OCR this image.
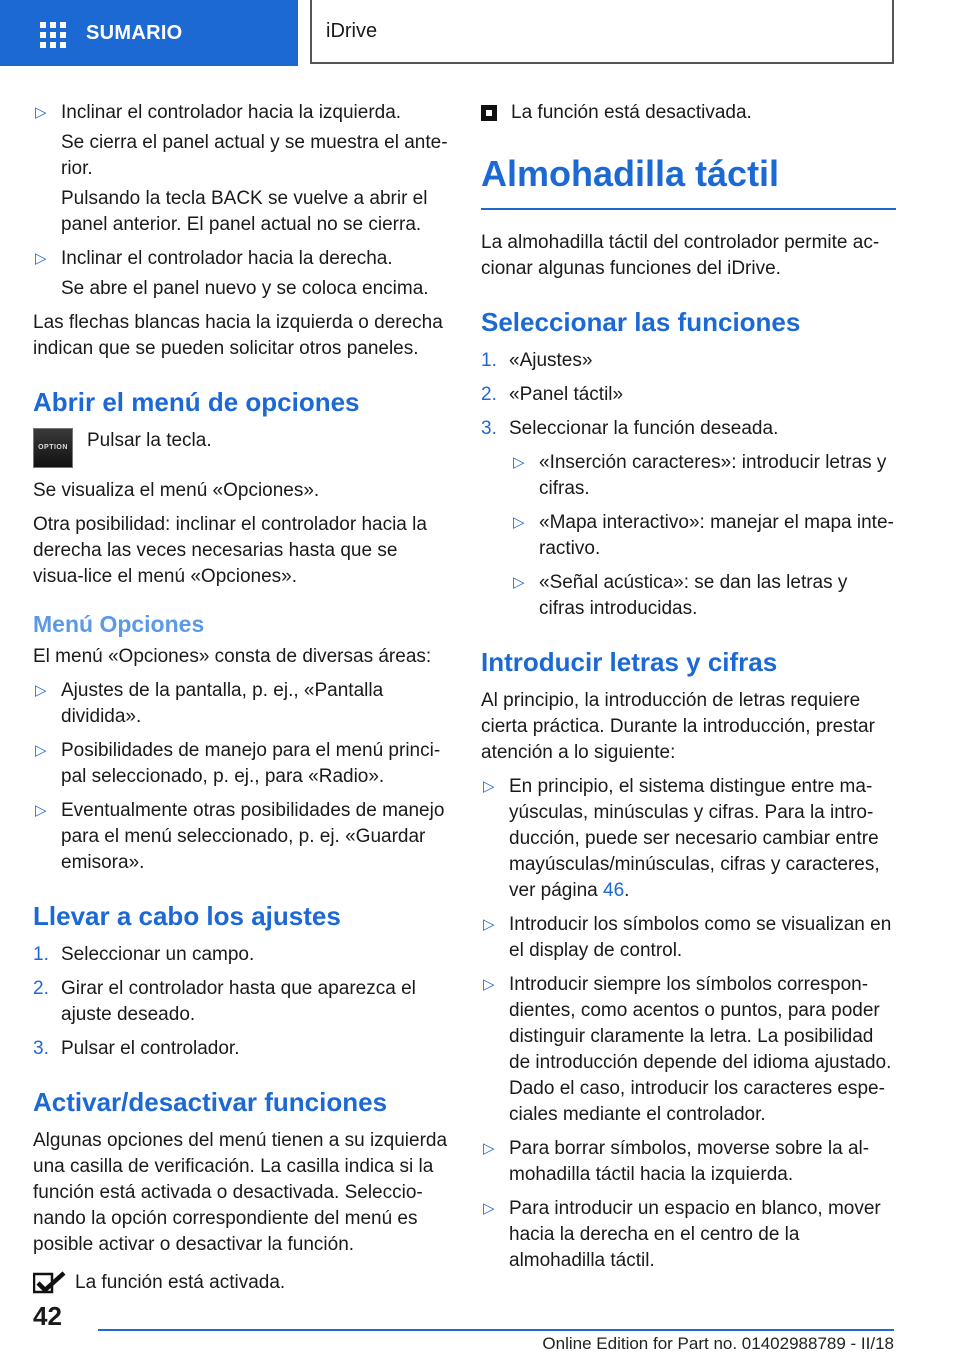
SUMARIO	iDrive
▷ Inclinar el controlador hacia la izquierda.
Se cierra el panel actual y se muestra el ante-rior.
Pulsando la tecla BACK se vuelve a abrir el panel anterior. El panel actual no se cierra.
▷ Inclinar el controlador hacia la derecha.
Se abre el panel nuevo y se coloca encima.

Las flechas blancas hacia la izquierda o derecha indican que se pueden solicitar otros paneles.

Abrir el menú de opciones
OPTION Pulsar la tecla.

Se visualiza el menú «Opciones».

Otra posibilidad: inclinar el controlador hacia la derecha las veces necesarias hasta que se visua-lice el menú «Opciones».

Menú Opciones

El menú «Opciones» consta de diversas áreas:

▷ Ajustes de la pantalla, p. ej., «Pantalla dividida».
▷ Posibilidades de manejo para el menú princi-pal seleccionado, p. ej., para «Radio».
▷ Eventualmente otras posibilidades de manejo para el menú seleccionado, p. ej. «Guardar emisora».
Llevar a cabo los ajustes
1. Seleccionar un campo.
2. Girar el controlador hasta que aparezca el ajuste deseado.
3. Pulsar el controlador.
Activar/desactivar funciones

Algunas opciones del menú tienen a su izquierda una casilla de verificación. La casilla indica si la función está activada o desactivada. Seleccio-nando la opción correspondiente del menú es posible activar o desactivar la función.

La función está activada.
La función está desactivada.
Almohadilla táctil

La almohadilla táctil del controlador permite ac-cionar algunas funciones del iDrive.

Seleccionar las funciones
1. «Ajustes»
2. «Panel táctil»
3. Seleccionar la función deseada.
▷ «Inserción caracteres»: introducir letras y cifras.
▷ «Mapa interactivo»: manejar el mapa inte-ractivo.
▷ «Señal acústica»: se dan las letras y cifras introducidas.
Introducir letras y cifras

Al principio, la introducción de letras requiere cierta práctica. Durante la introducción, prestar atención a lo siguiente:

▷ En principio, el sistema distingue entre ma-yúsculas, minúsculas y cifras. Para la intro-ducción, puede ser necesario cambiar entre mayúsculas/minúsculas, cifras y caracteres, ver página 46.
▷ Introducir los símbolos como se visualizan en el display de control.
▷ Introducir siempre los símbolos correspon-dientes, como acentos o puntos, para poder distinguir claramente la letra. La posibilidad de introducción depende del idioma ajustado. Dado el caso, introducir los caracteres espe-ciales mediante el controlador.
▷ Para borrar símbolos, moverse sobre la al-mohadilla táctil hacia la izquierda.
▷ Para introducir un espacio en blanco, mover hacia la derecha en el centro de la almohadilla táctil.
42
Online Edition for Part no. 01402988789 - II/18
